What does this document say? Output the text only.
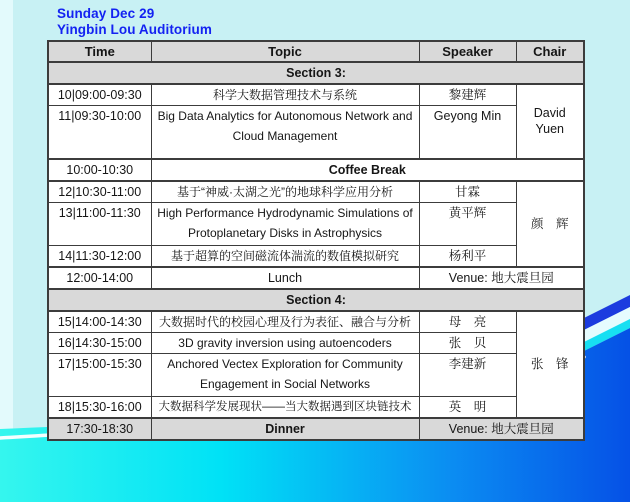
Sunday Dec 29
Yingbin Lou Auditorium
Time	Topic	Speaker	Chair
Section 3:			
10|09:00-09:30	科学大数据管理技术与系统	黎建辉	David Yuen
11|09:30-10:00	Big Data Analytics for Autonomous Network and Cloud Management	Geyong Min	
10:00-10:30	Coffee Break		
12|10:30-11:00	基于“神威·太湖之光”的地球科学应用分析	甘霖	颜　辉
13|11:00-11:30	High Performance Hydrodynamic Simulations of Protoplanetary Disks in Astrophysics	黄平辉	
14|11:30-12:00	基于超算的空间磁流体湍流的数值模拟研究	杨利平	
12:00-14:00	Lunch	Venue: 地大震旦园	
Section 4:			
15|14:00-14:30	大数据时代的校园心理及行为表征、融合与分析	母　亮	张　锋
16|14:30-15:00	3D gravity inversion using autoencoders	张　贝	
17|15:00-15:30	Anchored Vectex Exploration for Community Engagement in Social Networks	李建新	
18|15:30-16:00	大数据科学发展现状——当大数据遇到区块链技术	英　明	
17:30-18:30	Dinner	Venue: 地大震旦园	
